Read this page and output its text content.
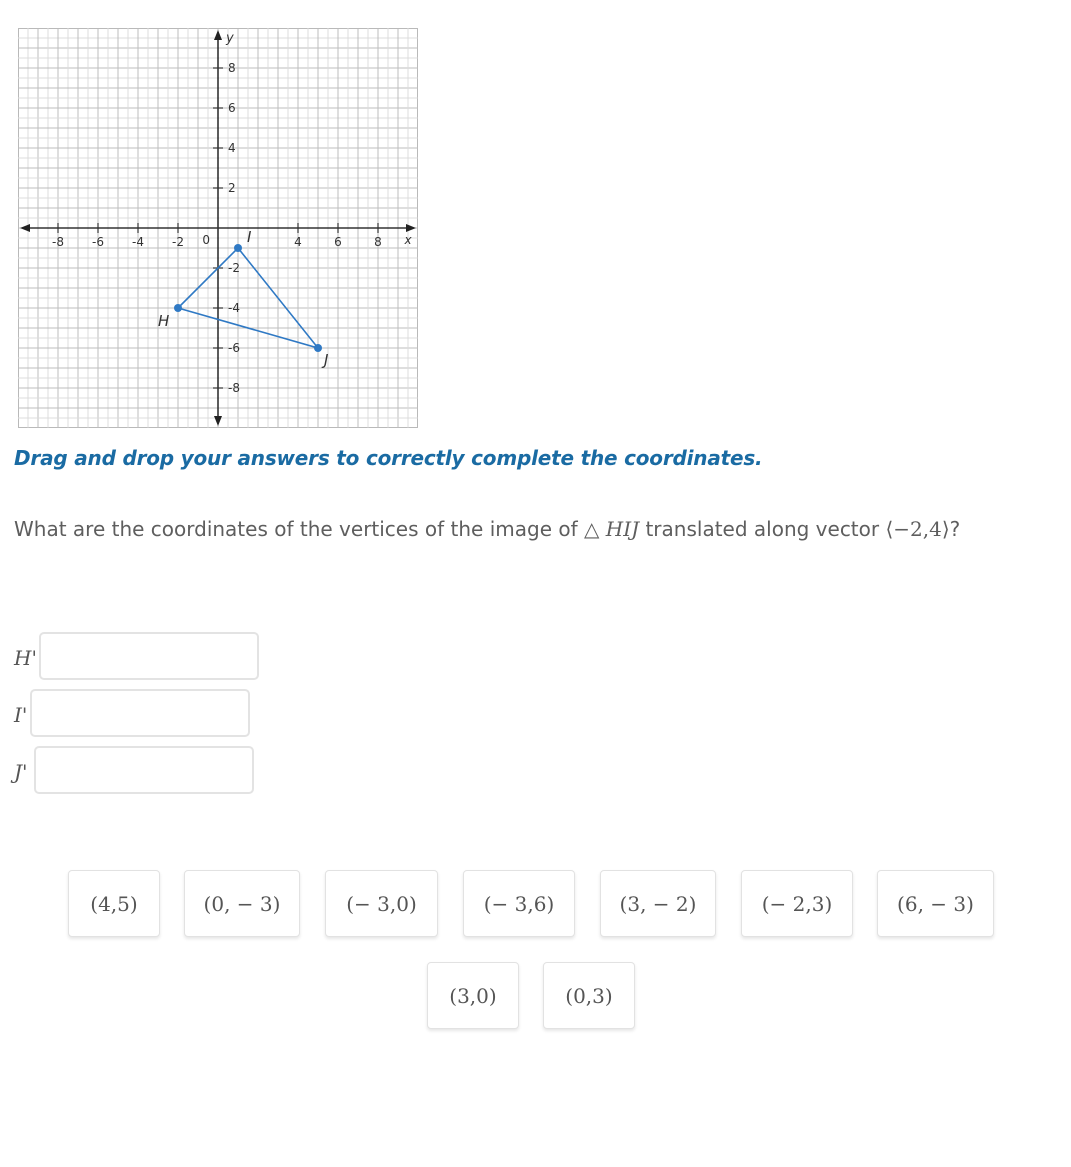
-8 -6 -4 -2	4	6	8
8
6
4
2
-2
-4
-6
-8
0	x
y
H
I
J
Drag and drop your answers to correctly complete the coordinates.
What are the coordinates of the vertices of the image of △ HIJ translated along vector ⟨−2,4⟩?
H'
I'
J'
(4,5)	(0, − 3)	(− 3,0)	(− 3,6)	(3, − 2)	(− 2,3)	(6, − 3)
(3,0)	(0,3)
